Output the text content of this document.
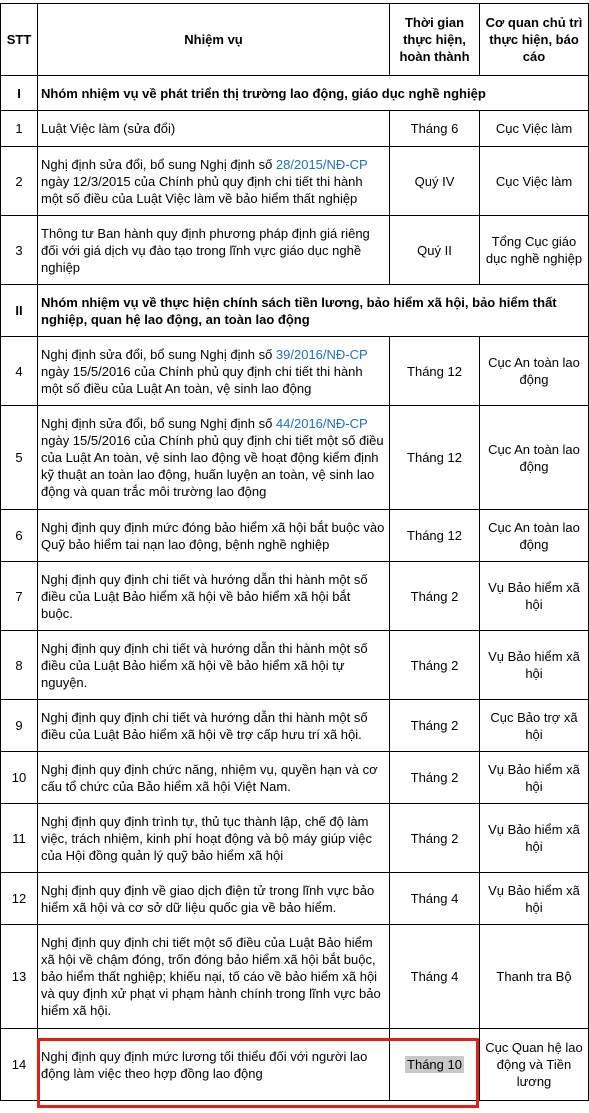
STT	Nhiệm vụ	Thời gian thực hiện, hoàn thành	Cơ quan chủ trì thực hiện, báo cáo
I	Nhóm nhiệm vụ về phát triển thị trường lao động, giáo dục nghề nghiệp		
1	Luật Việc làm (sửa đổi)	Tháng 6	Cục Việc làm
2	Nghị định sửa đổi, bổ sung Nghị định số 28/2015/NĐ-CP ngày 12/3/2015 của Chính phủ quy định chi tiết thi hành một số điều của Luật Việc làm về bảo hiểm thất nghiệp	Quý IV	Cục Việc làm
3	Thông tư Ban hành quy định phương pháp định giá riêng đối với giá dịch vụ đào tạo trong lĩnh vực giáo dục nghề nghiệp	Quý II	Tổng Cục giáo dục nghề nghiệp
II	Nhóm nhiệm vụ về thực hiện chính sách tiền lương, bảo hiểm xã hội, bảo hiểm thất nghiệp, quan hệ lao động, an toàn lao động		
4	Nghị định sửa đổi, bổ sung Nghị định số 39/2016/NĐ-CP ngày 15/5/2016 của Chính phủ quy định chi tiết thi hành một số điều của Luật An toàn, vệ sinh lao động	Tháng 12	Cục An toàn lao động
5	Nghị định sửa đổi, bổ sung Nghị định số 44/2016/NĐ-CP ngày 15/5/2016 của Chính phủ quy định chi tiết một số điều của Luật An toàn, vệ sinh lao động về hoạt động kiểm định kỹ thuật an toàn lao động, huấn luyện an toàn, vệ sinh lao động và quan trắc môi trường lao động	Tháng 12	Cục An toàn lao động
6	Nghị định quy định mức đóng bảo hiểm xã hội bắt buộc vào Quỹ bảo hiểm tai nạn lao động, bệnh nghề nghiệp	Tháng 12	Cục An toàn lao động
7	Nghị định quy định chi tiết và hướng dẫn thi hành một số điều của Luật Bảo hiểm xã hội về bảo hiểm xã hội bắt buộc.	Tháng 2	Vụ Bảo hiểm xã hội
8	Nghị định quy định chi tiết và hướng dẫn thi hành một số điều của Luật Bảo hiểm xã hội về bảo hiểm xã hội tự nguyện.	Tháng 2	Vụ Bảo hiểm xã hội
9	Nghị định quy định chi tiết và hướng dẫn thi hành một số điều của Luật Bảo hiểm xã hội về trợ cấp hưu trí xã hội.	Tháng 2	Cục Bảo trợ xã hội
10	Nghị định quy định chức năng, nhiệm vụ, quyền hạn và cơ cấu tổ chức của Bảo hiểm xã hội Việt Nam.	Tháng 2	Vụ Bảo hiểm xã hội
11	Nghị định quy định trình tự, thủ tục thành lập, chế độ làm việc, trách nhiệm, kinh phí hoạt động và bộ máy giúp việc của Hội đồng quản lý quỹ bảo hiểm xã hội	Tháng 2	Vụ Bảo hiểm xã hội
12	Nghị định quy định về giao dịch điện tử trong lĩnh vực bảo hiểm xã hội và cơ sở dữ liệu quốc gia về bảo hiểm.	Tháng 4	Vụ Bảo hiểm xã hội
13	Nghị định quy định chi tiết một số điều của Luật Bảo hiểm xã hội về chậm đóng, trốn đóng bảo hiểm xã hội bắt buộc, bảo hiểm thất nghiệp; khiếu nại, tố cáo về bảo hiểm xã hội và quy định xử phạt vi phạm hành chính trong lĩnh vực bảo hiểm xã hội.	Tháng 4	Thanh tra Bộ
14	Nghị định quy định mức lương tối thiểu đối với người lao động làm việc theo hợp đồng lao động	Tháng 10	Cục Quan hệ lao động và Tiền lương
